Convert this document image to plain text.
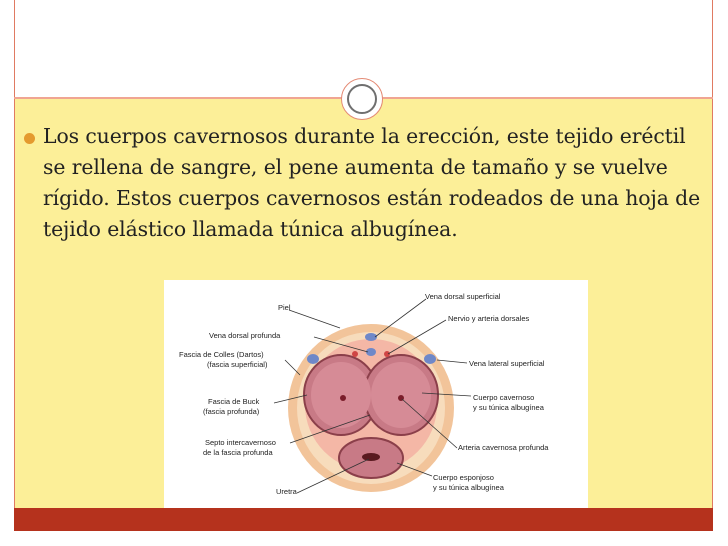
Los cuerpos cavernosos durante la erección, este tejido eréctil se rellena de sangre, el pene aumenta de tamaño y se vuelve rígido. Estos cuerpos cavernosos están rodeados de una hoja de tejido elástico llamada túnica albugínea.
Piel
Vena dorsal profunda
Fascia de Colles (Dartos)
(fascia superficial)
Fascia de Buck
(fascia profunda)
Septo intercavernoso
de la fascia profunda
Uretra
Vena dorsal superficial
Nervio y arteria dorsales
Vena lateral superficial
Cuerpo cavernoso
y su túnica albugínea
Arteria cavernosa profunda
Cuerpo esponjoso
y su túnica albugínea
